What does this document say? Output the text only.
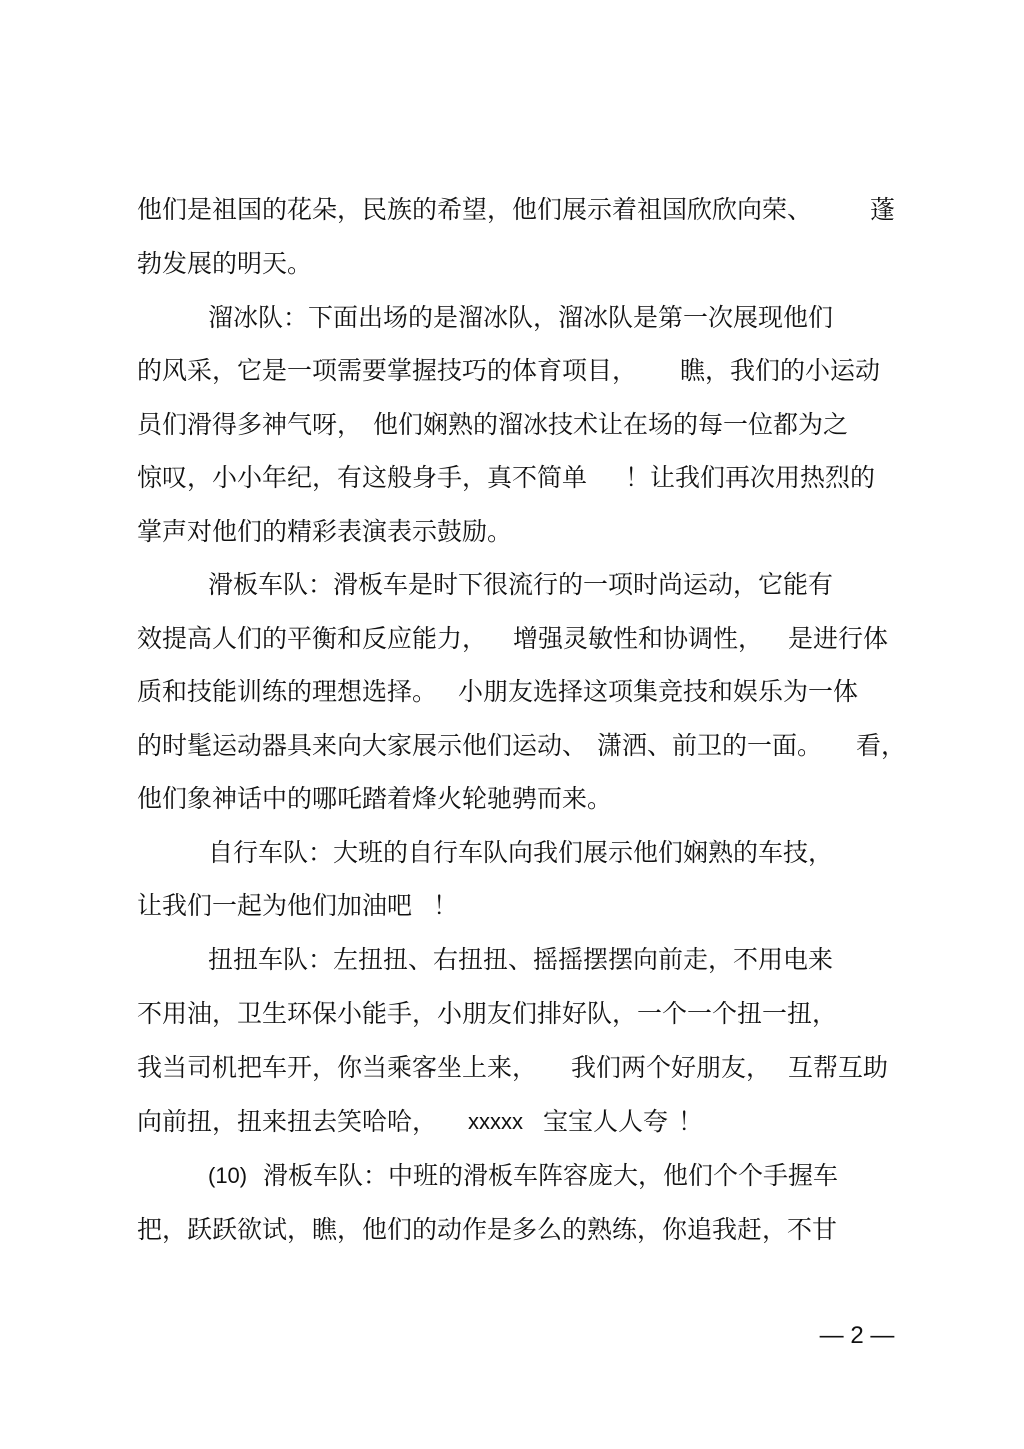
他们是祖国的花朵，民族的希望，他们展示着祖国欣欣向荣、

蓬

勃发展的明天。

溜冰队：下面出场的是溜冰队，溜冰队是第一次展现他们

的风采，它是一项需要掌握技巧的体育项目，

瞧，我们的小运动

员们滑得多神气呀，

他们娴熟的溜冰技术让在场的每一位都为之

惊叹，小小年纪，有这般身手，真不简单

！让我们再次用热烈的

掌声对他们的精彩表演表示鼓励。

滑板车队：滑板车是时下很流行的一项时尚运动，它能有

效提高人们的平衡和反应能力，

增强灵敏性和协调性，

是进行体

质和技能训练的理想选择。

小朋友选择这项集竞技和娱乐为一体

的时髦运动器具来向大家展示他们运动、

潇洒、前卫的一面。

看，

他们象神话中的哪吒踏着烽火轮驰骋而来。

自行车队：大班的自行车队向我们展示他们娴熟的车技，

让我们一起为他们加油吧

！

扭扭车队：左扭扭、右扭扭、摇摇摆摆向前走，不用电来

不用油，卫生环保小能手，小朋友们排好队，一个一个扭一扭，

我当司机把车开，你当乘客坐上来，

我们两个好朋友，

互帮互助

向前扭，扭来扭去笑哈哈，

xxxxx

宝宝人人夸

！

(10)

滑板车队：中班的滑板车阵容庞大，他们个个手握车

把，跃跃欲试，瞧，他们的动作是多么的熟练，你追我赶，不甘

— 2 —
